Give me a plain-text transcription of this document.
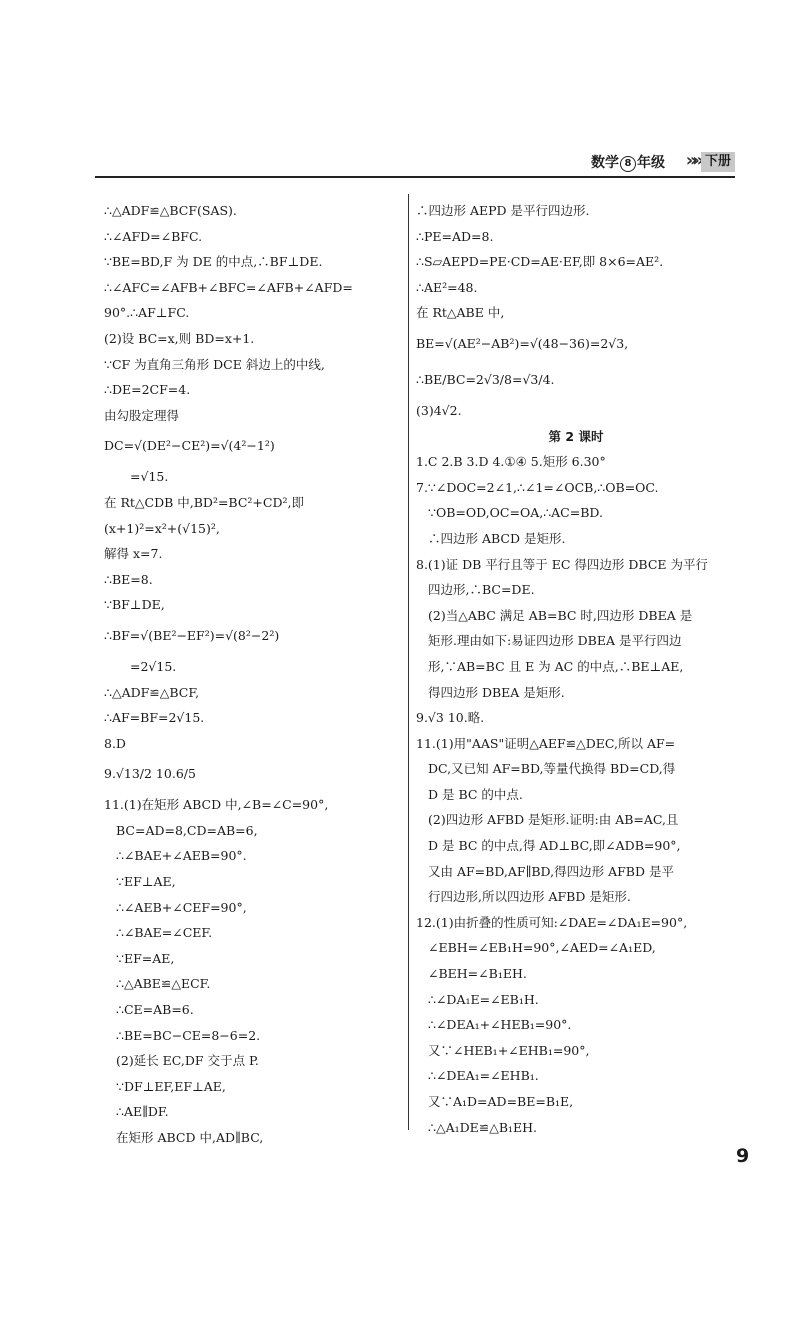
数学 8 年级 »» 下册
∴△ADF≌△BCF(SAS).
∴∠AFD=∠BFC.
∵BE=BD,F 为 DE 的中点,∴BF⊥DE.
∴∠AFC=∠AFB+∠BFC=∠AFB+∠AFD=
90°.∴AF⊥FC.
(2)设 BC=x,则 BD=x+1.
∵CF 为直角三角形 DCE 斜边上的中线,
∴DE=2CF=4.
由勾股定理得
DC=√(DE²−CE²)=√(4²−1²)
=√15.
在 Rt△CDB 中,BD²=BC²+CD²,即
(x+1)²=x²+(√15)²,
解得 x=7.
∴BE=8.
∵BF⊥DE,
∴BF=√(BE²−EF²)=√(8²−2²)
=2√15.
∴△ADF≌△BCF,
∴AF=BF=2√15.
8.D
9.√13/2 10.6/5
11.(1)在矩形 ABCD 中,∠B=∠C=90°,
BC=AD=8,CD=AB=6,
∴∠BAE+∠AEB=90°.
∵EF⊥AE,
∴∠AEB+∠CEF=90°,
∴∠BAE=∠CEF.
∵EF=AE,
∴△ABE≌△ECF.
∴CE=AB=6.
∴BE=BC−CE=8−6=2.
(2)延长 EC,DF 交于点 P.
∵DF⊥EF,EF⊥AE,
∴AE∥DF.
在矩形 ABCD 中,AD∥BC,
∴四边形 AEPD 是平行四边形.
∴PE=AD=8.
∴S▱AEPD=PE·CD=AE·EF,即 8×6=AE².
∴AE²=48.
在 Rt△ABE 中,
BE=√(AE²−AB²)=√(48−36)=2√3,
∴BE/BC=2√3/8=√3/4.
(3)4√2.
第 2 课时
1.C 2.B 3.D 4.①④ 5.矩形 6.30°
7.∵∠DOC=2∠1,∴∠1=∠OCB,∴OB=OC.
∵OB=OD,OC=OA,∴AC=BD.
∴四边形 ABCD 是矩形.
8.(1)证 DB 平行且等于 EC 得四边形 DBCE 为平行
四边形,∴BC=DE.
(2)当△ABC 满足 AB=BC 时,四边形 DBEA 是
矩形.理由如下:易证四边形 DBEA 是平行四边
形,∵AB=BC 且 E 为 AC 的中点,∴BE⊥AE,
得四边形 DBEA 是矩形.
9.√3 10.略.
11.(1)用"AAS"证明△AEF≌△DEC,所以 AF=
DC,又已知 AF=BD,等量代换得 BD=CD,得
D 是 BC 的中点.
(2)四边形 AFBD 是矩形.证明:由 AB=AC,且
D 是 BC 的中点,得 AD⊥BC,即∠ADB=90°,
又由 AF=BD,AF∥BD,得四边形 AFBD 是平
行四边形,所以四边形 AFBD 是矩形.
12.(1)由折叠的性质可知:∠DAE=∠DA₁E=90°,
∠EBH=∠EB₁H=90°,∠AED=∠A₁ED,
∠BEH=∠B₁EH.
∴∠DA₁E=∠EB₁H.
∴∠DEA₁+∠HEB₁=90°.
又∵∠HEB₁+∠EHB₁=90°,
∴∠DEA₁=∠EHB₁.
又∵A₁D=AD=BE=B₁E,
∴△A₁DE≌△B₁EH.
9
